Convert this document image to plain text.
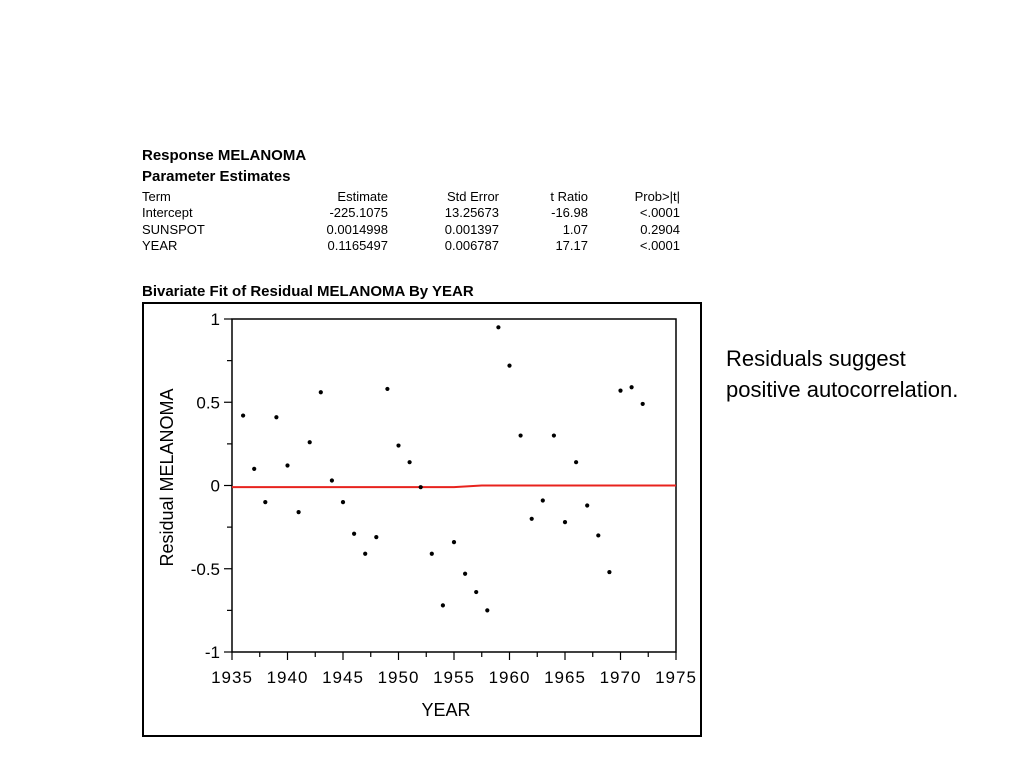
Response MELANOMA
Parameter Estimates
Term	Estimate	Std Error	t Ratio	Prob>|t|
Intercept	-225.1075	13.25673	-16.98	<.0001
SUNSPOT	0.0014998	0.001397	1.07	0.2904
YEAR	0.1165497	0.006787	17.17	<.0001
Bivariate Fit of Residual MELANOMA By YEAR
-1
-0.5
0
0.5
1
1935 1940 1945 1950 1955 1960 1965 1970 1975
YEAR
Residual MELANOMA
Residuals suggest
positive autocorrelation.
